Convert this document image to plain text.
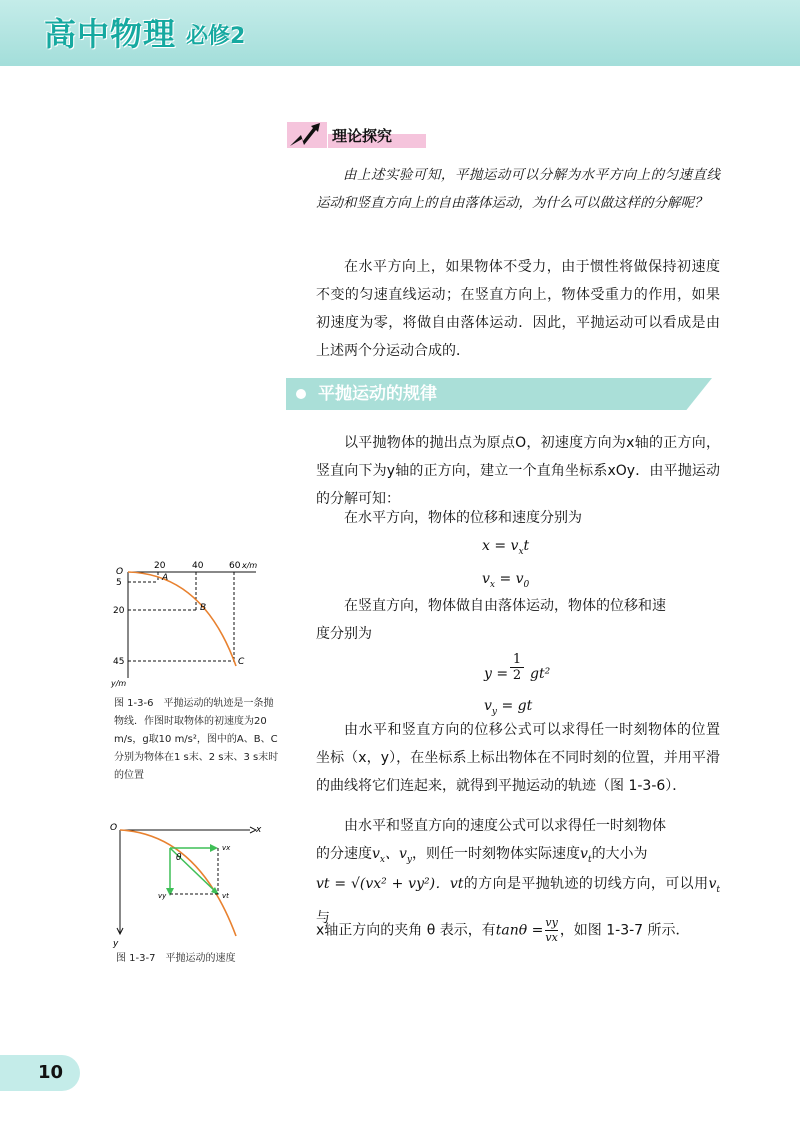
高中物理 必修2
理论探究

由上述实验可知，平抛运动可以分解为水平方向上的匀速直线运动和竖直方向上的自由落体运动，为什么可以做这样的分解呢？

在水平方向上，如果物体不受力，由于惯性将做保持初速度不变的匀速直线运动；在竖直方向上，物体受重力的作用，如果初速度为零，将做自由落体运动．因此，平抛运动可以看成是由上述两个分运动合成的．

平抛运动的规律

以平抛物体的抛出点为原点O，初速度方向为x轴的正方向，竖直向下为y轴的正方向，建立一个直角坐标系xOy．由平抛运动的分解可知：

在水平方向，物体的位移和速度分别为

$x = v_xt$
$v_x = v_0$
在竖直方向，物体做自由落体运动，物体的位移和速
度分别为
$y = \frac{1}{2} gt^2$
$v_y$ = gt

由水平和竖直方向的位移公式可以求得任一时刻物体的位置坐标（x，y），在坐标系上标出物体在不同时刻的位置，并用平滑的曲线将它们连起来，就得到平抛运动的轨迹（图 1-3-6）．

由水平和竖直方向的速度公式可以求得任一时刻物体
的分速度$v_x$、$v_y$，则任一时刻物体实际速度$v_t$的大小为
vt = √(vx² + vy²)．vt的方向是平抛轨迹的切线方向，可以用$v_t$与
x轴正方向的夹角 θ 表示，有$\tan\theta = \frac{vy}{vx}$ ，如图 1-3-7 所示．
O
20	40	60 x/m
5
20
45
y/m
A
B
C
图 1-3-6　平抛运动的轨迹是一条抛物线．作图时取物体的初速度为20 m/s，g取10 m/s²，图中的A、B、C分别为物体在1 s末、2 s末、3 s末时的位置
O	x
y
θ
vx
vy	vt
图 1-3-7　平抛运动的速度
10
